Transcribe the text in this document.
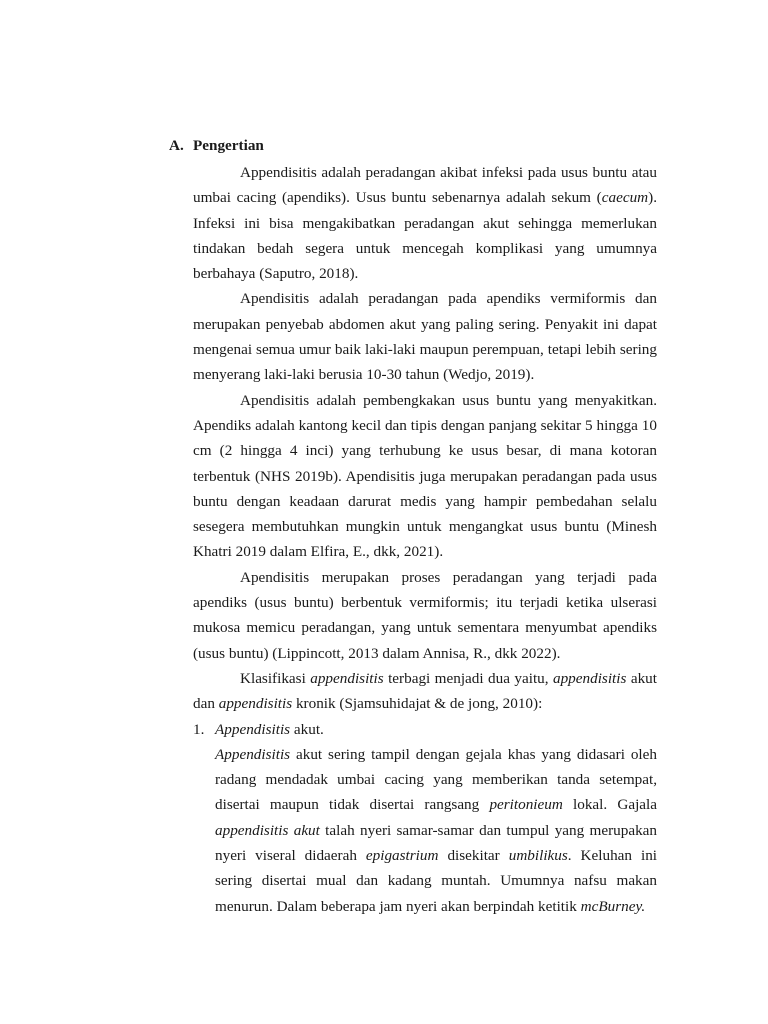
A. Pengertian

Appendisitis adalah peradangan akibat infeksi pada usus buntu atau umbai cacing (apendiks). Usus buntu sebenarnya adalah sekum (caecum). Infeksi ini bisa mengakibatkan peradangan akut sehingga memerlukan tindakan bedah segera untuk mencegah komplikasi yang umumnya berbahaya (Saputro, 2018).

Apendisitis adalah peradangan pada apendiks vermiformis dan merupakan penyebab abdomen akut yang paling sering. Penyakit ini dapat mengenai semua umur baik laki-laki maupun perempuan, tetapi lebih sering menyerang laki-laki berusia 10-30 tahun (Wedjo, 2019).

Apendisitis adalah pembengkakan usus buntu yang menyakitkan. Apendiks adalah kantong kecil dan tipis dengan panjang sekitar 5 hingga 10 cm (2 hingga 4 inci) yang terhubung ke usus besar, di mana kotoran terbentuk (NHS 2019b). Apendisitis juga merupakan peradangan pada usus buntu dengan keadaan darurat medis yang hampir pembedahan selalu sesegera membutuhkan mungkin untuk mengangkat usus buntu (Minesh Khatri 2019 dalam Elfira, E., dkk, 2021).

Apendisitis merupakan proses peradangan yang terjadi pada apendiks (usus buntu) berbentuk vermiformis; itu terjadi ketika ulserasi mukosa memicu peradangan, yang untuk sementara menyumbat apendiks (usus buntu) (Lippincott, 2013 dalam Annisa, R., dkk 2022).

Klasifikasi appendisitis terbagi menjadi dua yaitu, appendisitis akut dan appendisitis kronik (Sjamsuhidajat & de jong, 2010):

1. Appendisitis akut.

Appendisitis akut sering tampil dengan gejala khas yang didasari oleh radang mendadak umbai cacing yang memberikan tanda setempat, disertai maupun tidak disertai rangsang peritonieum lokal. Gajala appendisitis akut talah nyeri samar-samar dan tumpul yang merupakan nyeri viseral didaerah epigastrium disekitar umbilikus. Keluhan ini sering disertai mual dan kadang muntah. Umumnya nafsu makan menurun. Dalam beberapa jam nyeri akan berpindah ketitik mcBurney.
